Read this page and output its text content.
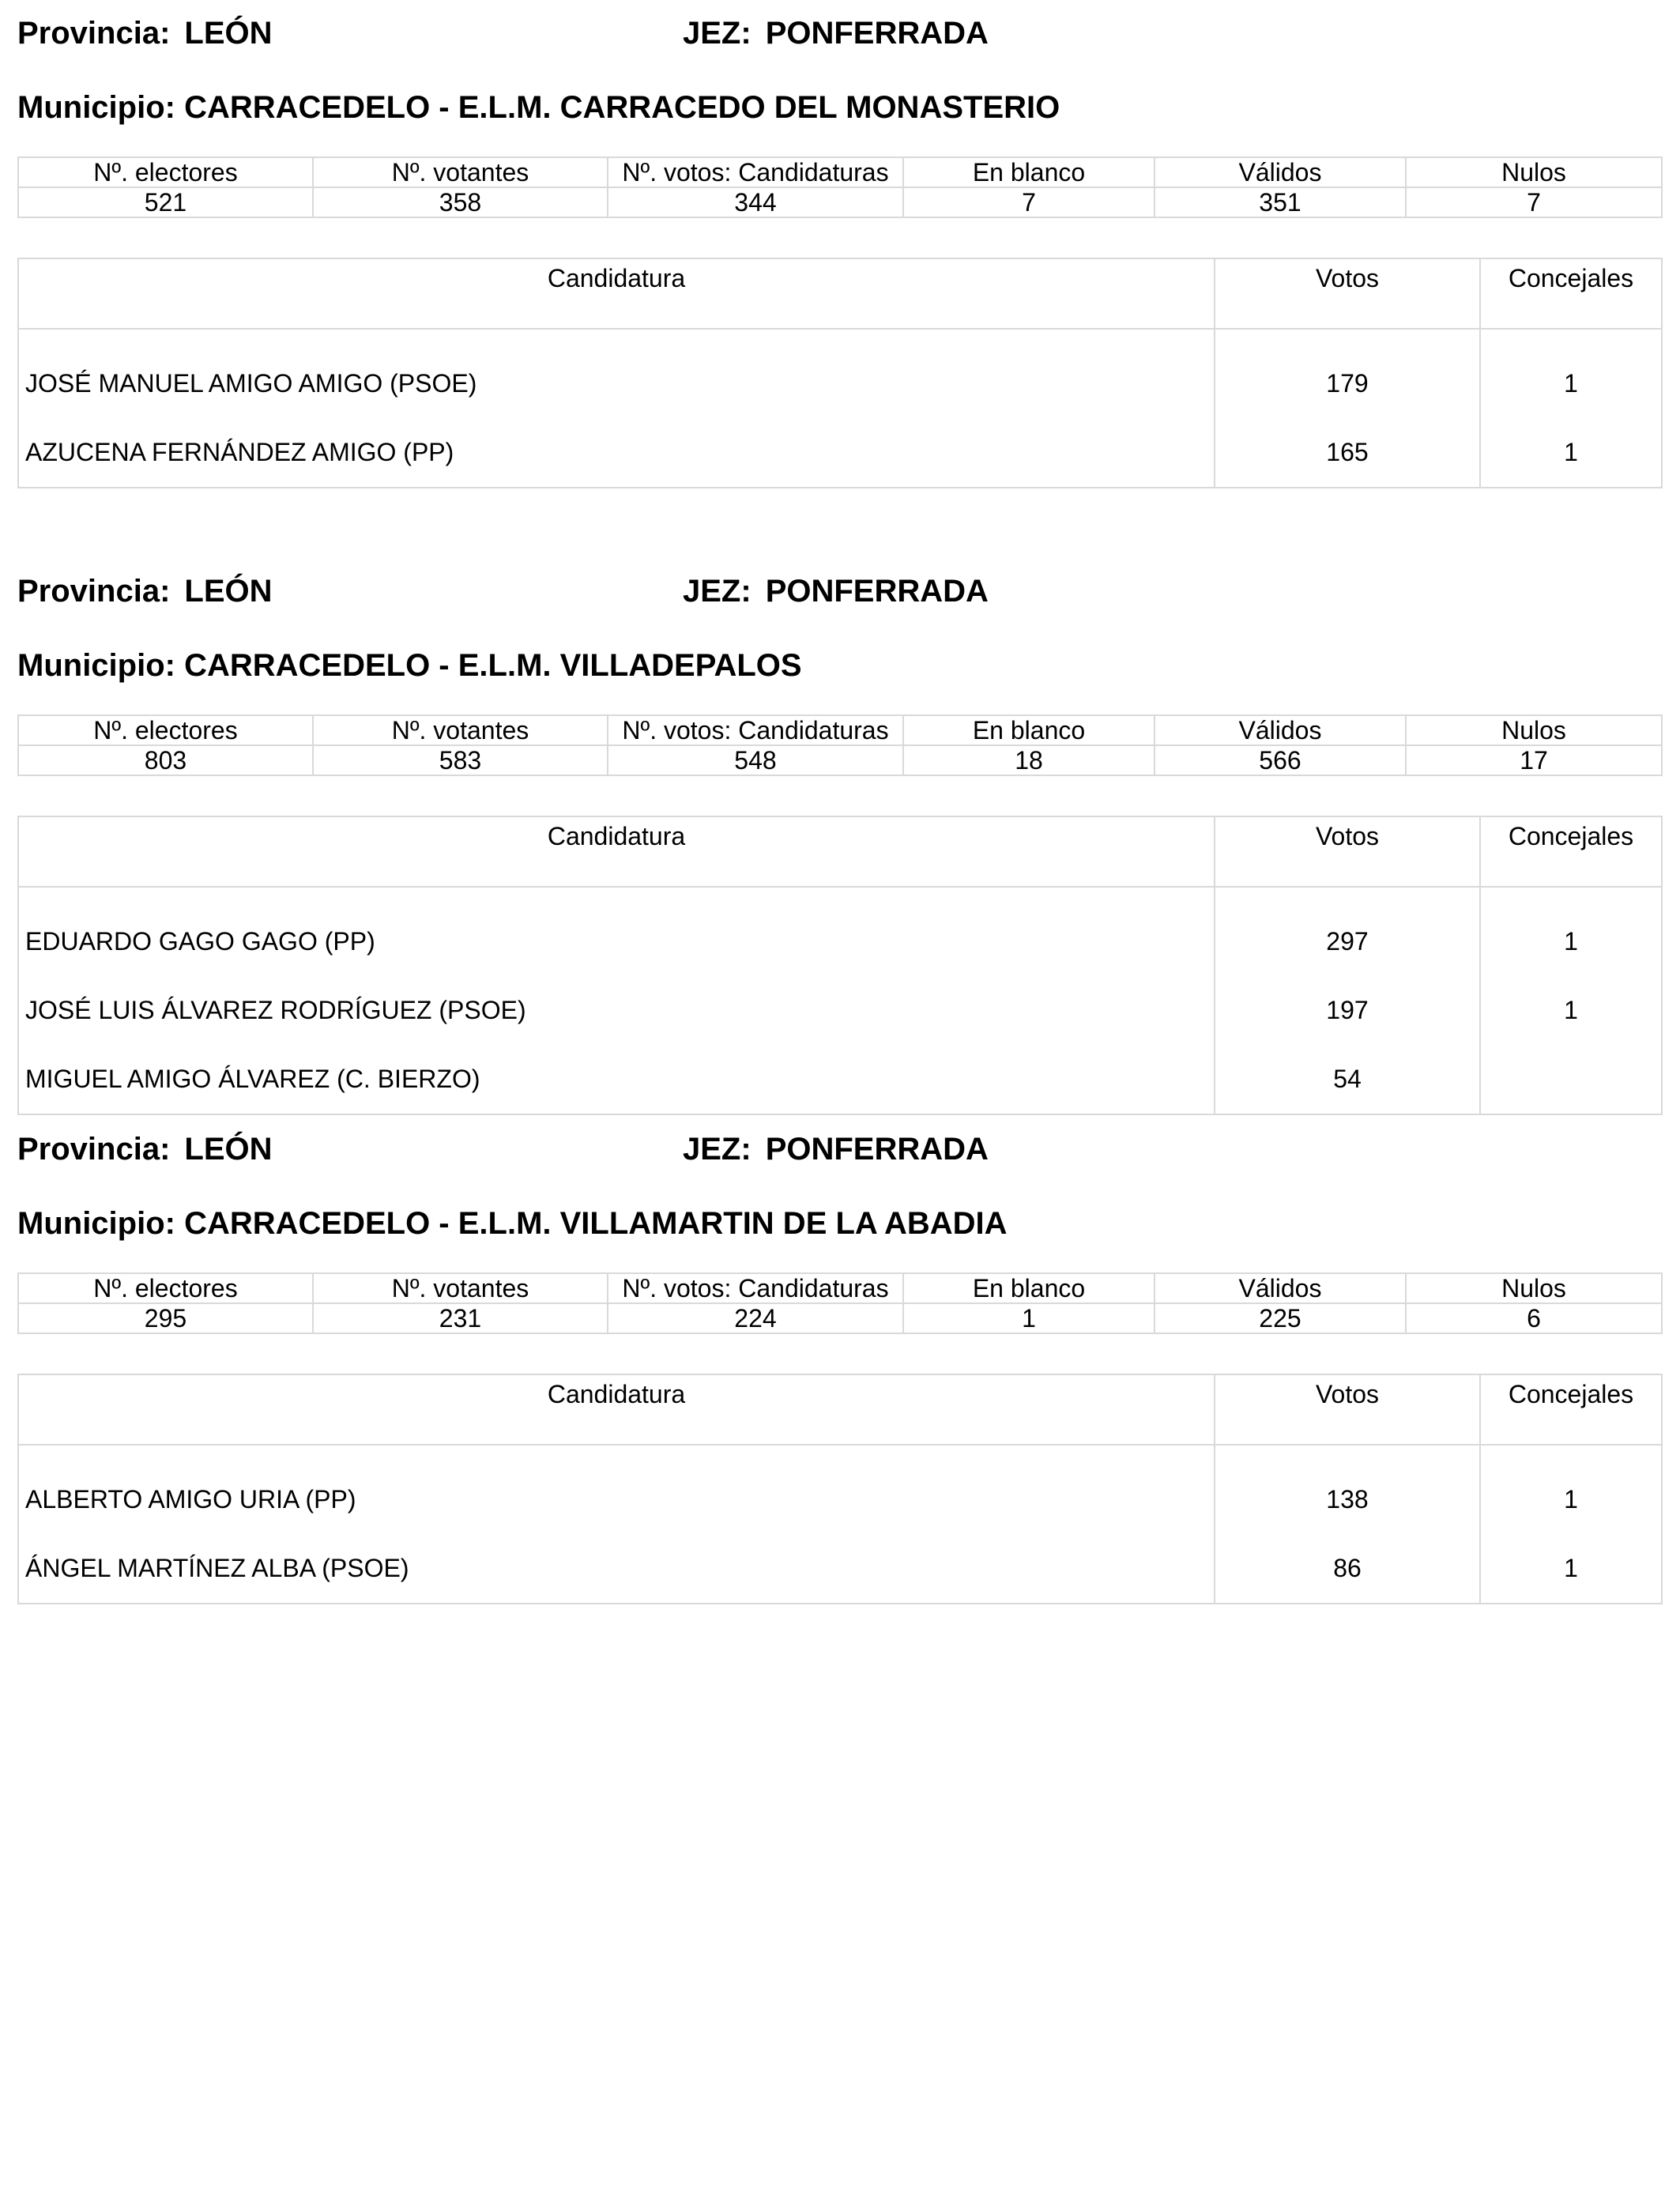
Provincia: LEÓN	JEZ: PONFERRADA
Municipio: CARRACEDELO - E.L.M. CARRACEDO DEL MONASTERIO
Nº. electores	Nº. votantes	Nº. votos: Candidaturas	En blanco	Válidos	Nulos
521	358	344	7	351	7
Candidatura	Votos	Concejales
JOSÉ MANUEL AMIGO AMIGO (PSOE)	179	1
AZUCENA FERNÁNDEZ AMIGO (PP)	165	1
Provincia: LEÓN	JEZ: PONFERRADA
Municipio: CARRACEDELO - E.L.M. VILLADEPALOS
Nº. electores	Nº. votantes	Nº. votos: Candidaturas	En blanco	Válidos	Nulos
803	583	548	18	566	17
Candidatura	Votos	Concejales
EDUARDO GAGO GAGO (PP)	297	1
JOSÉ LUIS ÁLVAREZ RODRÍGUEZ (PSOE)	197	1
MIGUEL AMIGO ÁLVAREZ (C. BIERZO)	54	
Provincia: LEÓN	JEZ: PONFERRADA
Municipio: CARRACEDELO - E.L.M. VILLAMARTIN DE LA ABADIA
Nº. electores	Nº. votantes	Nº. votos: Candidaturas	En blanco	Válidos	Nulos
295	231	224	1	225	6
Candidatura	Votos	Concejales
ALBERTO AMIGO URIA (PP)	138	1
ÁNGEL MARTÍNEZ ALBA (PSOE)	86	1
